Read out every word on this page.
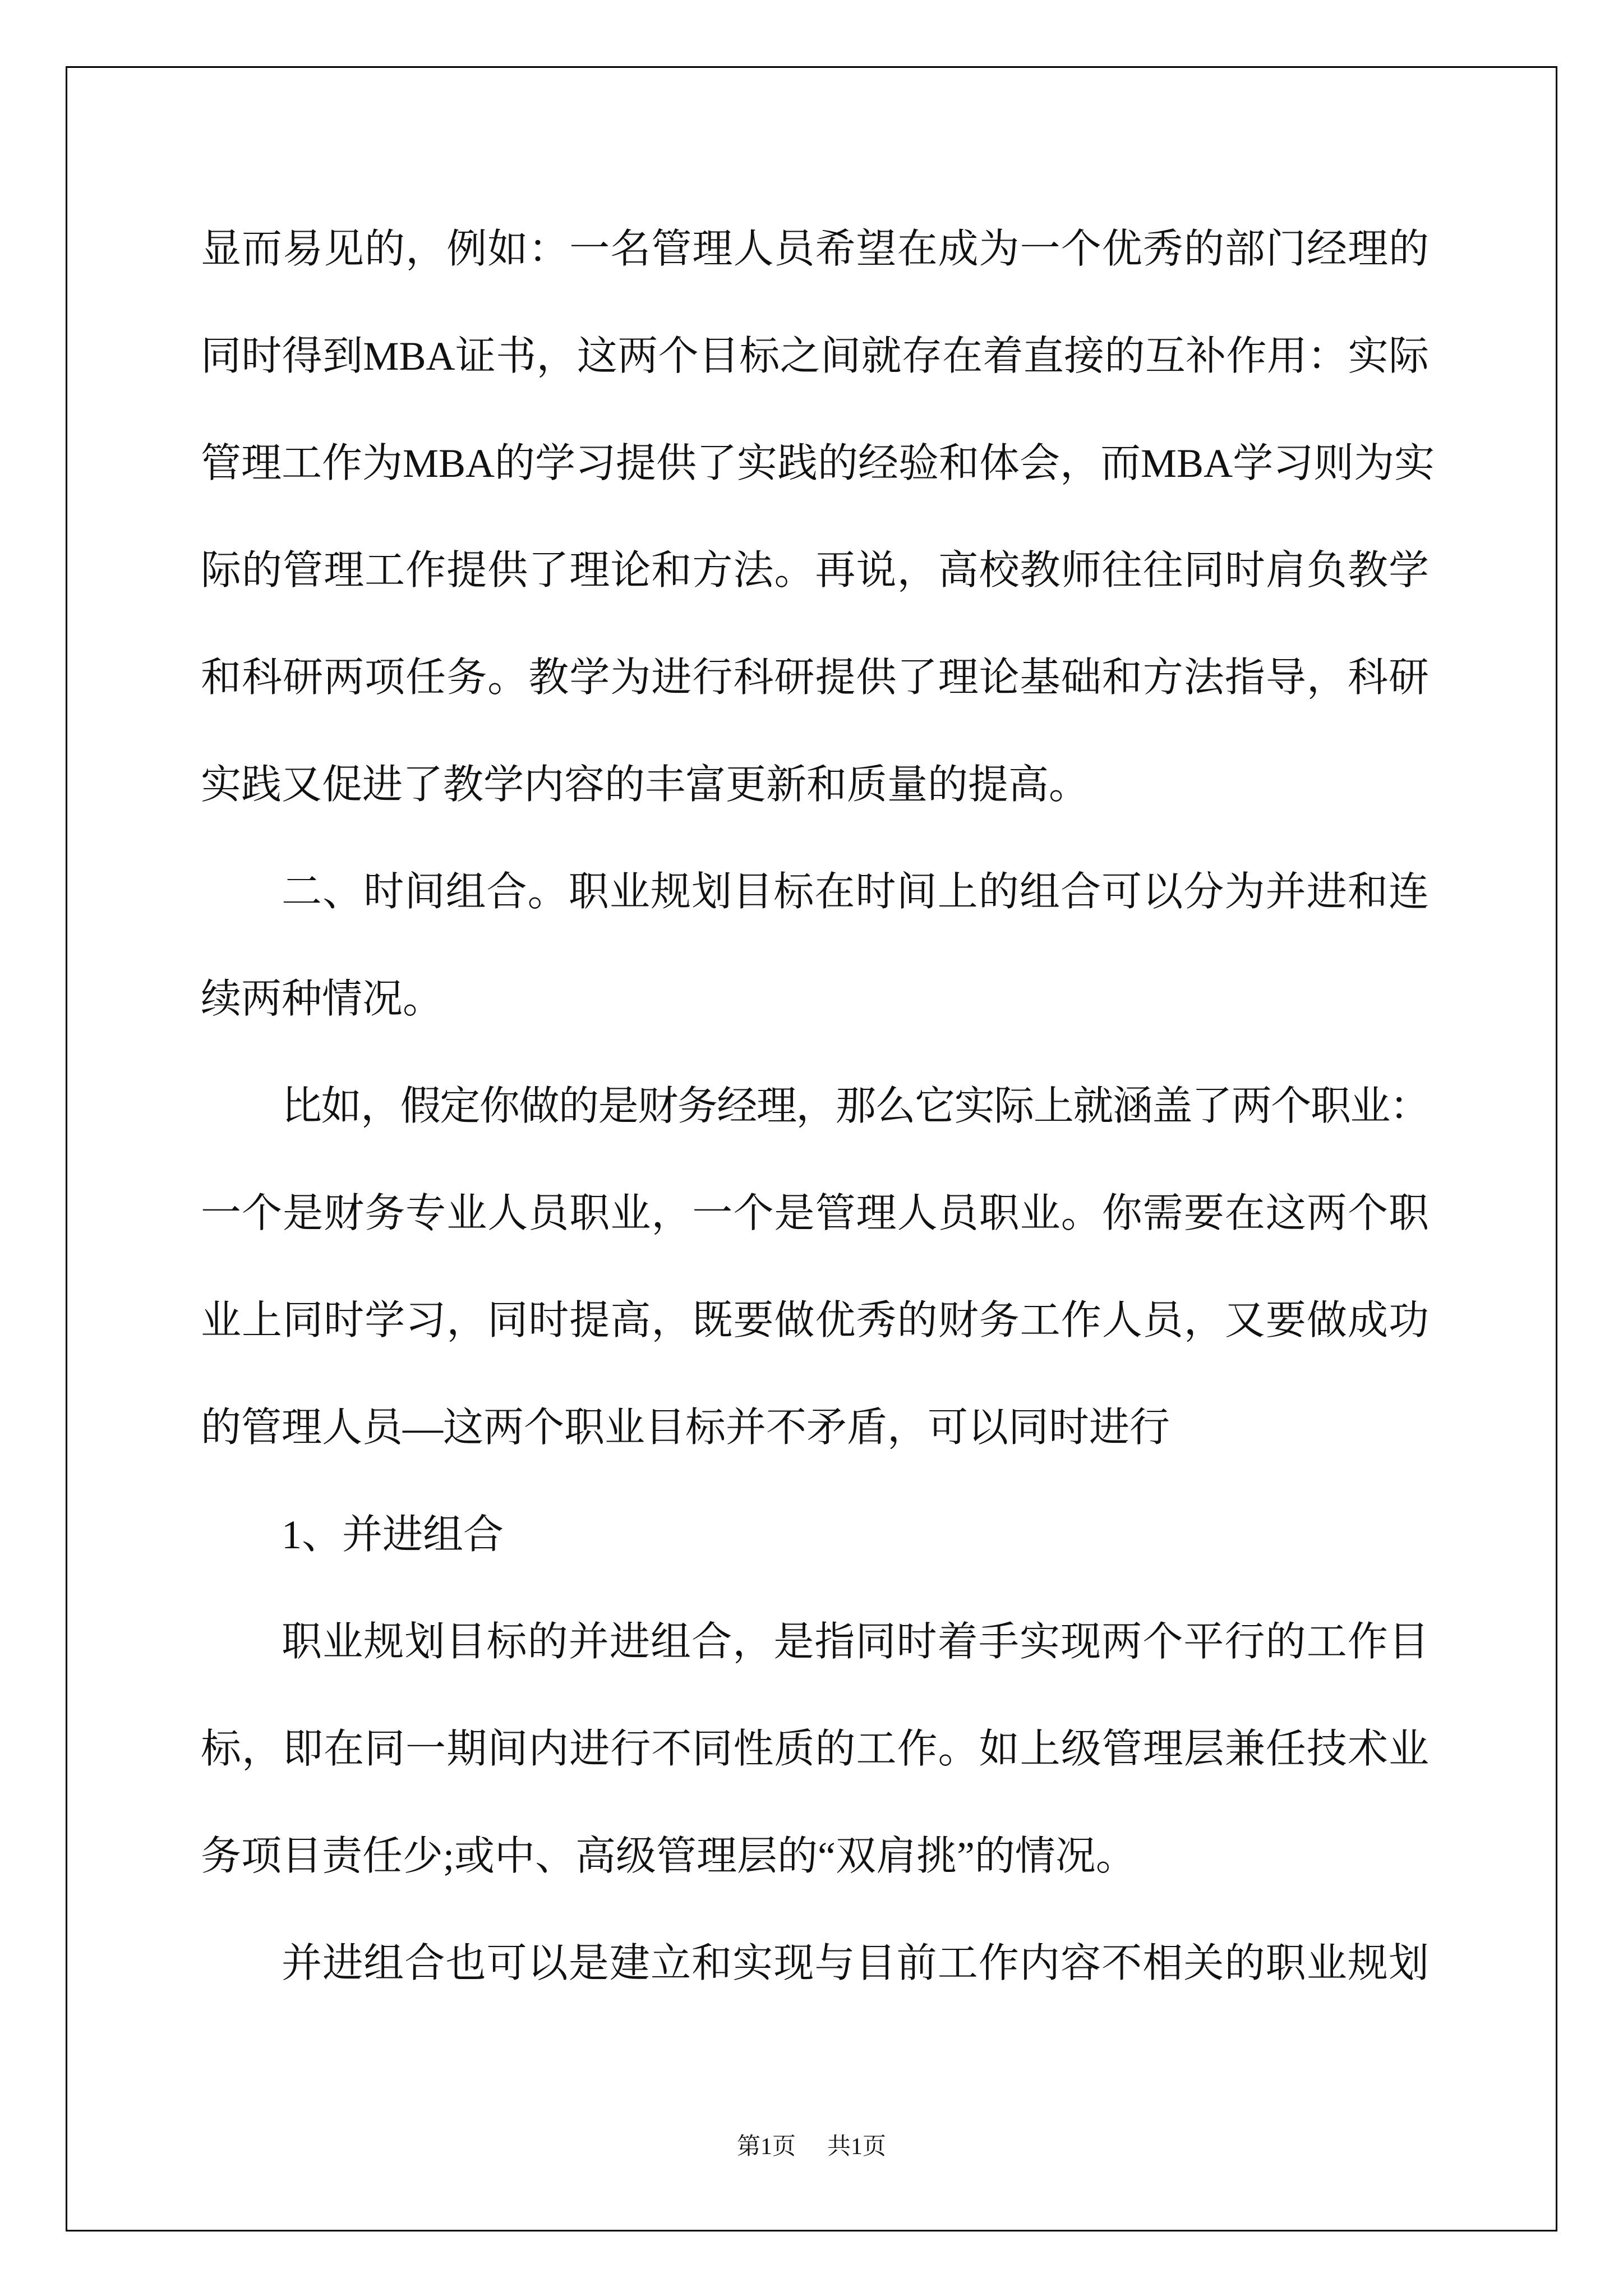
显而易见的，例如：一名管理人员希望在成为一个优秀的部门经理的
同时得到MBA证书，这两个目标之间就存在着直接的互补作用：实际
管理工作为MBA的学习提供了实践的经验和体会，而MBA学习则为实
际的管理工作提供了理论和方法。再说，高校教师往往同时肩负教学
和科研两项任务。教学为进行科研提供了理论基础和方法指导，科研
实践又促进了教学内容的丰富更新和质量的提高。
二、时间组合。职业规划目标在时间上的组合可以分为并进和连
续两种情况。
比如，假定你做的是财务经理，那么它实际上就涵盖了两个职业：
一个是财务专业人员职业，一个是管理人员职业。你需要在这两个职
业上同时学习，同时提高，既要做优秀的财务工作人员，又要做成功
的管理人员—这两个职业目标并不矛盾，可以同时进行
1、并进组合
职业规划目标的并进组合，是指同时着手实现两个平行的工作目
标，即在同一期间内进行不同性质的工作。如上级管理层兼任技术业
务项目责任少;或中、高级管理层的“双肩挑”的情况。
并进组合也可以是建立和实现与目前工作内容不相关的职业规划
第1页 共1页
